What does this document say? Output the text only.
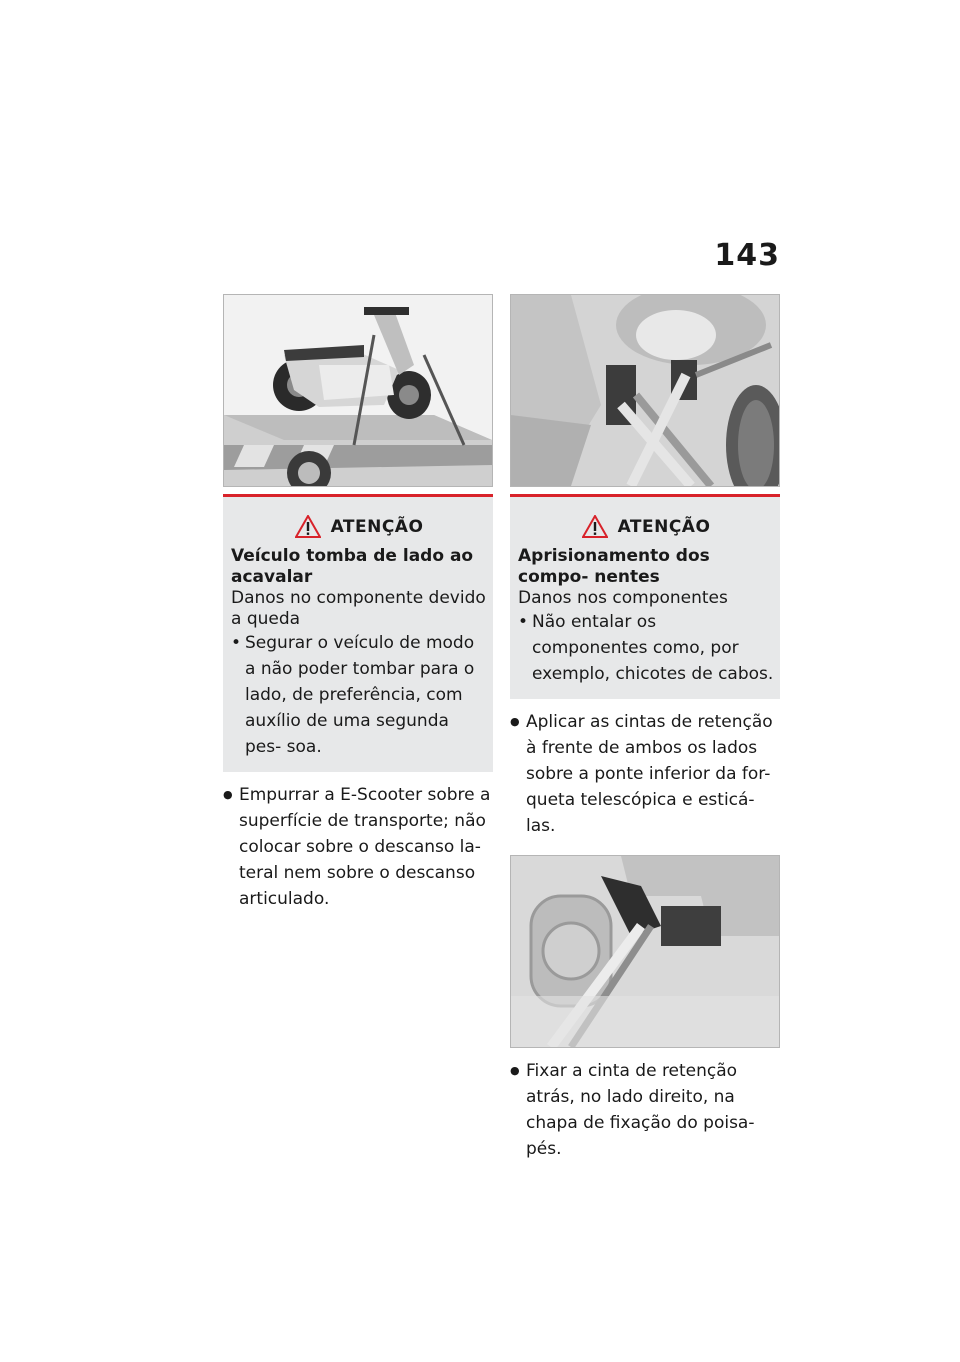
143
ATENÇÃO
Veículo tomba de lado ao acavalar
Danos no componente devido a queda
• Segurar o veículo de modo a não poder tombar para o lado, de preferência, com auxílio de uma segunda pes- soa.
● Empurrar a E-Scooter sobre a superfície de transporte; não colocar sobre o descanso la- teral nem sobre o descanso articulado.
ATENÇÃO
Aprisionamento dos compo- nentes
Danos nos componentes
• Não entalar os componentes como, por exemplo, chicotes de cabos.
● Aplicar as cintas de retenção à frente de ambos os lados sobre a ponte inferior da for- queta telescópica e esticá-las.
● Fixar a cinta de retenção atrás, no lado direito, na chapa de fixação do poisa- pés.
